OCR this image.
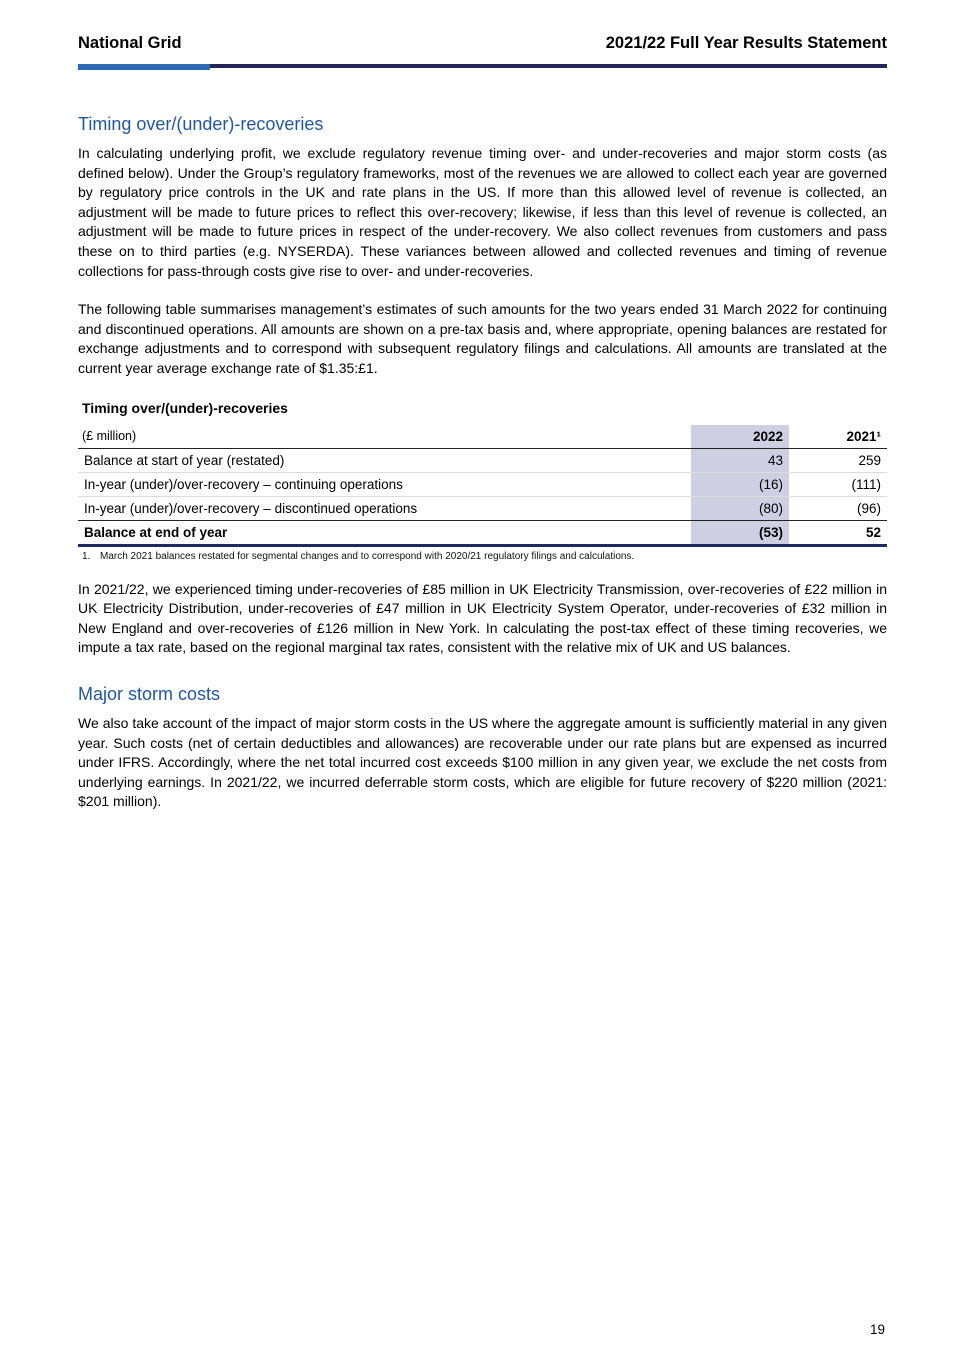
National Grid	2021/22 Full Year Results Statement
Timing over/(under)-recoveries

In calculating underlying profit, we exclude regulatory revenue timing over- and under-recoveries and major storm costs (as defined below). Under the Group’s regulatory frameworks, most of the revenues we are allowed to collect each year are governed by regulatory price controls in the UK and rate plans in the US. If more than this allowed level of revenue is collected, an adjustment will be made to future prices to reflect this over-recovery; likewise, if less than this level of revenue is collected, an adjustment will be made to future prices in respect of the under-recovery. We also collect revenues from customers and pass these on to third parties (e.g. NYSERDA). These variances between allowed and collected revenues and timing of revenue collections for pass-through costs give rise to over- and under-recoveries.

The following table summarises management’s estimates of such amounts for the two years ended 31 March 2022 for continuing and discontinued operations. All amounts are shown on a pre-tax basis and, where appropriate, opening balances are restated for exchange adjustments and to correspond with subsequent regulatory filings and calculations. All amounts are translated at the current year average exchange rate of $1.35:£1.

Timing over/(under)-recoveries
(£ million)	2022	2021¹
Balance at start of year (restated)	43	259
In-year (under)/over-recovery – continuing operations	(16)	(111)
In-year (under)/over-recovery – discontinued operations	(80)	(96)
Balance at end of year	(53)	52
1. March 2021 balances restated for segmental changes and to correspond with 2020/21 regulatory filings and calculations.

In 2021/22, we experienced timing under-recoveries of £85 million in UK Electricity Transmission, over-recoveries of £22 million in UK Electricity Distribution, under-recoveries of £47 million in UK Electricity System Operator, under-recoveries of £32 million in New England and over-recoveries of £126 million in New York. In calculating the post-tax effect of these timing recoveries, we impute a tax rate, based on the regional marginal tax rates, consistent with the relative mix of UK and US balances.

Major storm costs

We also take account of the impact of major storm costs in the US where the aggregate amount is sufficiently material in any given year. Such costs (net of certain deductibles and allowances) are recoverable under our rate plans but are expensed as incurred under IFRS. Accordingly, where the net total incurred cost exceeds $100 million in any given year, we exclude the net costs from underlying earnings. In 2021/22, we incurred deferrable storm costs, which are eligible for future recovery of $220 million (2021: $201 million).

19
